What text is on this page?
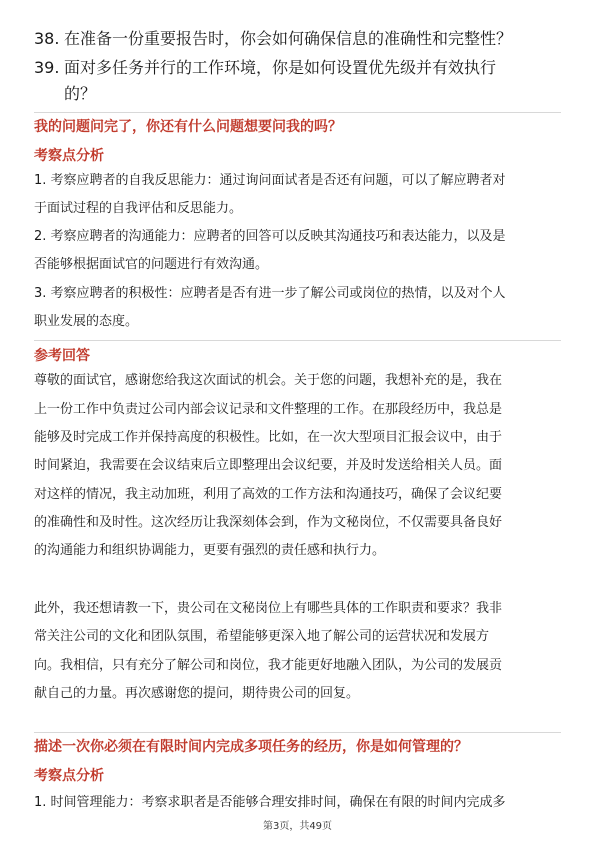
38. 在准备一份重要报告时，你会如何确保信息的准确性和完整性？
39. 面对多任务并行的工作环境，你是如何设置优先级并有效执行
的？
我的问题问完了，你还有什么问题想要问我的吗？
考察点分析
1. 考察应聘者的自我反思能力：通过询问面试者是否还有问题，可以了解应聘者对
于面试过程的自我评估和反思能力。
2. 考察应聘者的沟通能力：应聘者的回答可以反映其沟通技巧和表达能力，以及是
否能够根据面试官的问题进行有效沟通。
3. 考察应聘者的积极性：应聘者是否有进一步了解公司或岗位的热情，以及对个人
职业发展的态度。
参考回答
尊敬的面试官，感谢您给我这次面试的机会。关于您的问题，我想补充的是，我在
上一份工作中负责过公司内部会议记录和文件整理的工作。在那段经历中，我总是
能够及时完成工作并保持高度的积极性。比如，在一次大型项目汇报会议中，由于
时间紧迫，我需要在会议结束后立即整理出会议纪要，并及时发送给相关人员。面
对这样的情况，我主动加班，利用了高效的工作方法和沟通技巧，确保了会议纪要
的准确性和及时性。这次经历让我深刻体会到，作为文秘岗位，不仅需要具备良好
的沟通能力和组织协调能力，更要有强烈的责任感和执行力。
此外，我还想请教一下，贵公司在文秘岗位上有哪些具体的工作职责和要求？我非
常关注公司的文化和团队氛围，希望能够更深入地了解公司的运营状况和发展方
向。我相信，只有充分了解公司和岗位，我才能更好地融入团队，为公司的发展贡
献自己的力量。再次感谢您的提问，期待贵公司的回复。
描述一次你必须在有限时间内完成多项任务的经历，你是如何管理的？
考察点分析
1. 时间管理能力：考察求职者是否能够合理安排时间，确保在有限的时间内完成多
第3页，共49页
